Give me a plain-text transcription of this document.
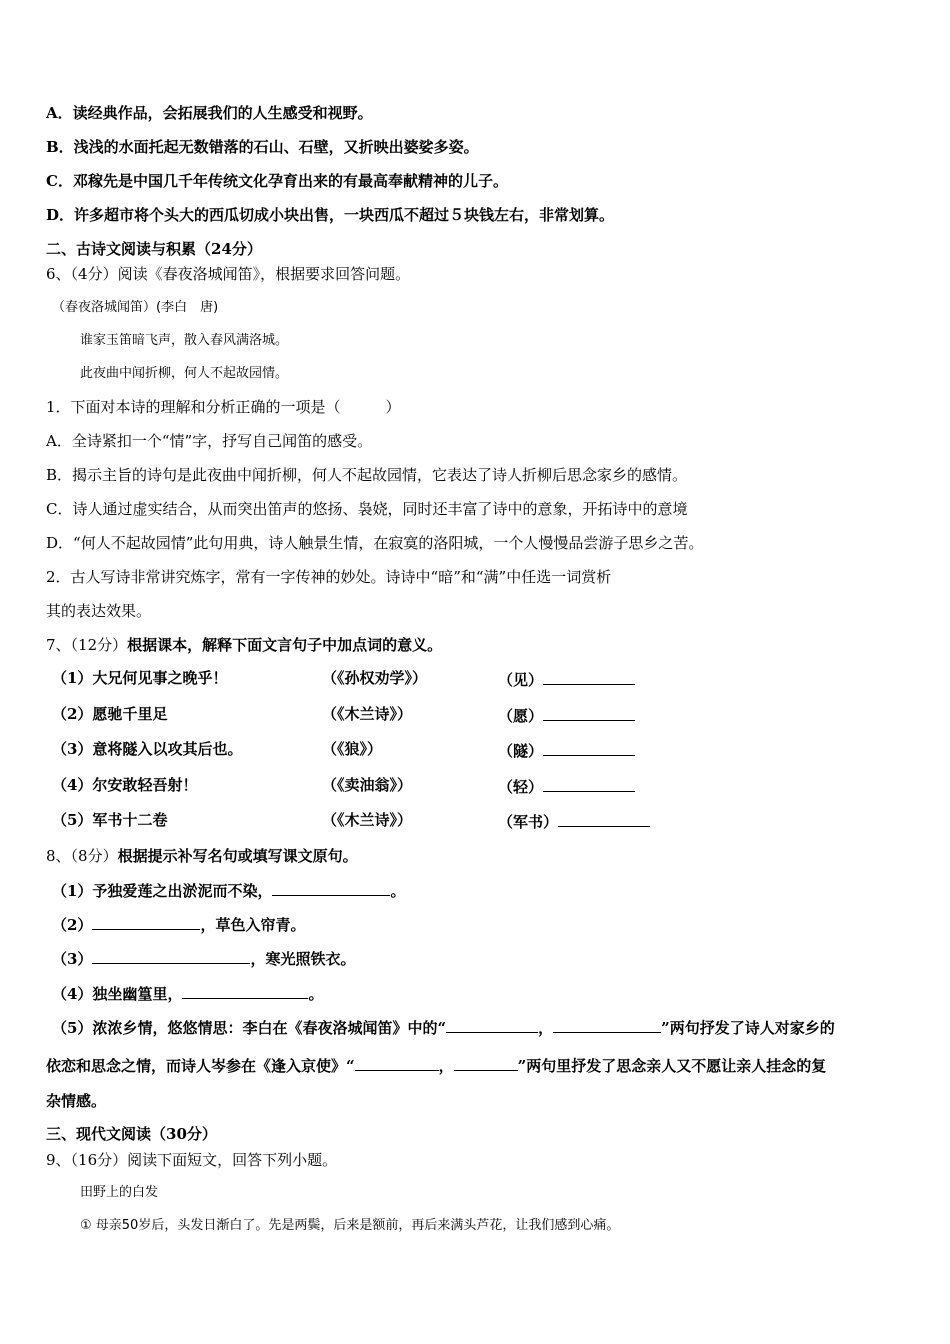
A．读经典作品，会拓展我们的人生感受和视野。
B．浅浅的水面托起无数错落的石山、石壁，又折映出婆娑多姿。
C．邓稼先是中国几千年传统文化孕育出来的有最高奉献精神的儿子。
D．许多超市将个头大的西瓜切成小块出售，一块西瓜不超过５块钱左右，非常划算。
二、古诗文阅读与积累（24分）
6、（4分）阅读《春夜洛城闻笛》，根据要求回答问题。
（春夜洛城闻笛）(李白　唐)
谁家玉笛暗飞声，散入春风满洛城。
此夜曲中闻折柳，何人不起故园情。
1．下面对本诗的理解和分析正确的一项是（　　　）
A．全诗紧扣一个“情”字，抒写自己闻笛的感受。
B．揭示主旨的诗句是此夜曲中闻折柳，何人不起故园情，它表达了诗人折柳后思念家乡的感情。
C．诗人通过虚实结合，从而突出笛声的悠扬、袅娆，同时还丰富了诗中的意象，开拓诗中的意境
D．“何人不起故园情”此句用典，诗人触景生情，在寂寞的洛阳城，一个人慢慢品尝游子思乡之苦。
2．古人写诗非常讲究炼字，常有一字传神的妙处。诗诗中“暗”和“满”中任选一词赏析
其的表达效果。
7、（12分）根据课本，解释下面文言句子中加点词的意义。
（1）大兄何见事之晚乎！	（《孙权劝学》）	（见）
（2）愿驰千里足	（《木兰诗》）	（愿）
（3）意将隧入以攻其后也。	（《狼》）	（隧）
（4）尔安敢轻吾射！	（《卖油翁》）	（轻）
（5）军书十二卷	（《木兰诗》）	（军书）
8、（8分）根据提示补写名句或填写课文原句。
（1）予独爱莲之出淤泥而不染，	。
（2）	，草色入帘青。
（3）	，寒光照铁衣。
（4）独坐幽篁里，	。
（5）浓浓乡情，悠悠情思：李白在《春夜洛城闻笛》中的“	，	”两句抒发了诗人对家乡的
依恋和思念之情，而诗人岑参在《逢入京使》“	，	”两句里抒发了思念亲人又不愿让亲人挂念的复
杂情感。
三、现代文阅读（30分）
9、（16分）阅读下面短文，回答下列小题。
田野上的白发
① 母亲50岁后，头发日渐白了。先是两鬓，后来是额前，再后来满头芦花，让我们感到心痛。
